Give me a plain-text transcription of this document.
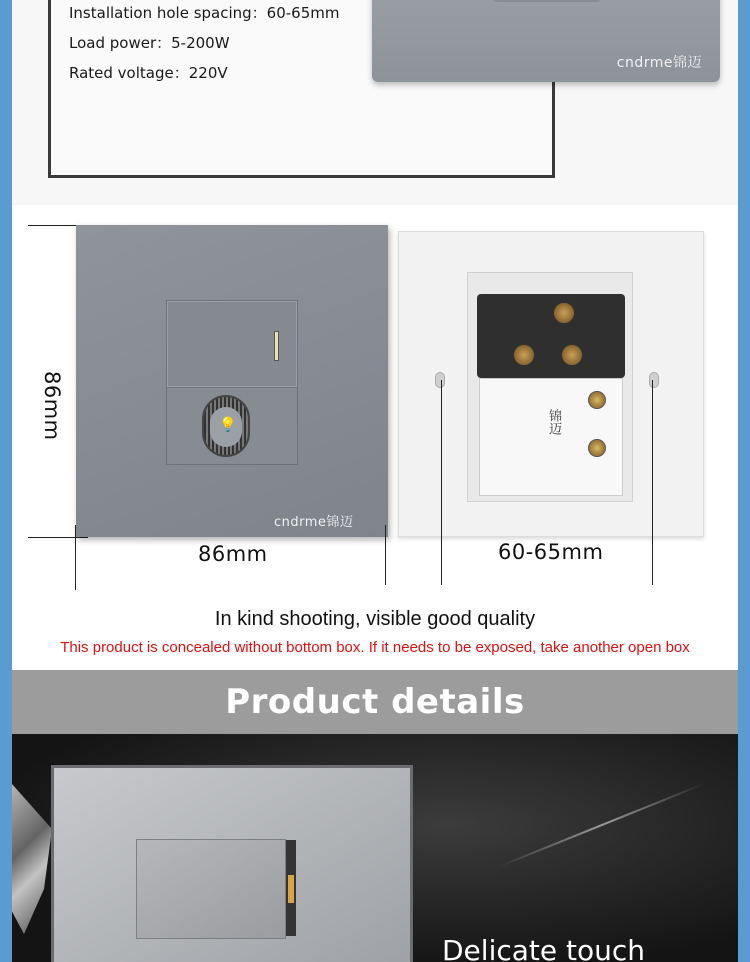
Installation hole spacing：60-65mm
Load power：5-200W
Rated voltage：220V
cndrme锦迈
86mm	💡
cndrme锦迈
锦迈
86mm	60-65mm
In kind shooting, visible good quality
This product is concealed without bottom box. If it needs to be exposed, take another open box
Product details
Delicate touch
